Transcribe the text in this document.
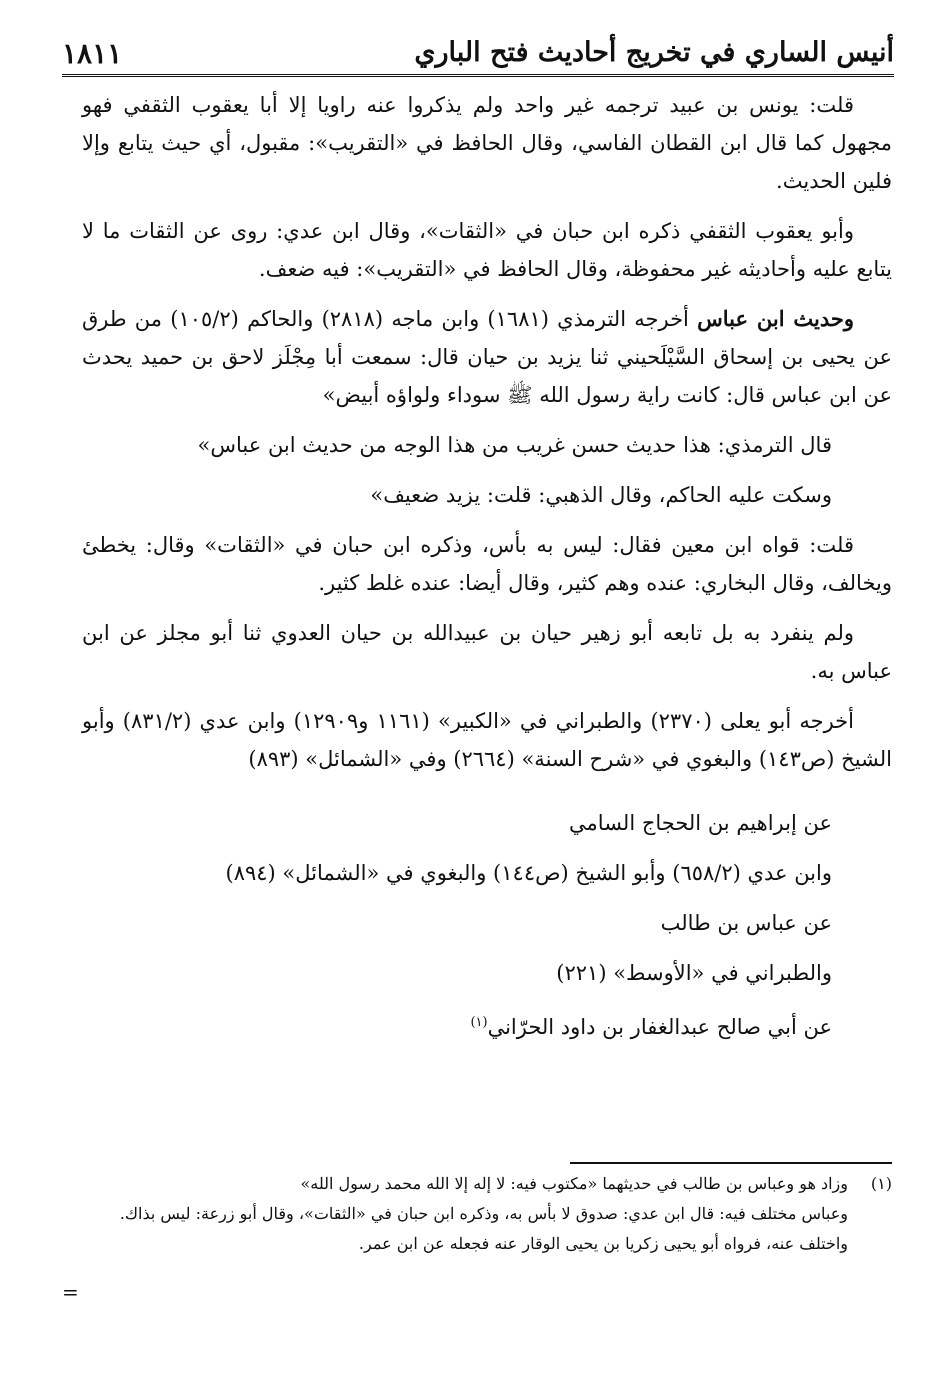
أنيس الساري في تخريج أحاديث فتح الباري
١٨١١

قلت: يونس بن عبيد ترجمه غير واحد ولم يذكروا عنه راويا إلا أبا يعقوب الثقفي فهو مجهول كما قال ابن القطان الفاسي، وقال الحافظ في «التقريب»: مقبول، أي حيث يتابع وإلا فلين الحديث.

وأبو يعقوب الثقفي ذكره ابن حبان في «الثقات»، وقال ابن عدي: روى عن الثقات ما لا يتابع عليه وأحاديثه غير محفوظة، وقال الحافظ في «التقريب»: فيه ضعف.

وحديث ابن عباس أخرجه الترمذي (١٦٨١) وابن ماجه (٢٨١٨) والحاكم (١٠٥/٢) من طرق عن يحيى بن إسحاق السَّيْلَحيني ثنا يزيد بن حيان قال: سمعت أبا مِجْلَز لاحق بن حميد يحدث عن ابن عباس قال: كانت راية رسول الله ﷺ سوداء ولواؤه أبيض»

قال الترمذي: هذا حديث حسن غريب من هذا الوجه من حديث ابن عباس»

وسكت عليه الحاكم، وقال الذهبي: قلت: يزيد ضعيف»

قلت: قواه ابن معين فقال: ليس به بأس، وذكره ابن حبان في «الثقات» وقال: يخطئ ويخالف، وقال البخاري: عنده وهم كثير، وقال أيضا: عنده غلط كثير.

ولم ينفرد به بل تابعه أبو زهير حيان بن عبيدالله بن حيان العدوي ثنا أبو مجلز عن ابن عباس به.

أخرجه أبو يعلى (٢٣٧٠) والطبراني في «الكبير» (١١٦١ و١٢٩٠٩) وابن عدي (٨٣١/٢) وأبو الشيخ (ص١٤٣) والبغوي في «شرح السنة» (٢٦٦٤) وفي «الشمائل» (٨٩٣)

عن إبراهيم بن الحجاج السامي

وابن عدي (٦٥٨/٢) وأبو الشيخ (ص١٤٤) والبغوي في «الشمائل» (٨٩٤)

عن عباس بن طالب

والطبراني في «الأوسط» (٢٢١)

عن أبي صالح عبدالغفار بن داود الحرّاني$^{(١)}$

(١)وزاد هو وعباس بن طالب في حديثهما «مكتوب فيه: لا إله إلا الله محمد رسول الله»

وعباس مختلف فيه: قال ابن عدي: صدوق لا بأس به، وذكره ابن حبان في «الثقات»، وقال أبو زرعة: ليس بذاك.

واختلف عنه، فرواه أبو يحيى زكريا بن يحيى الوقار عنه فجعله عن ابن عمر.

=
